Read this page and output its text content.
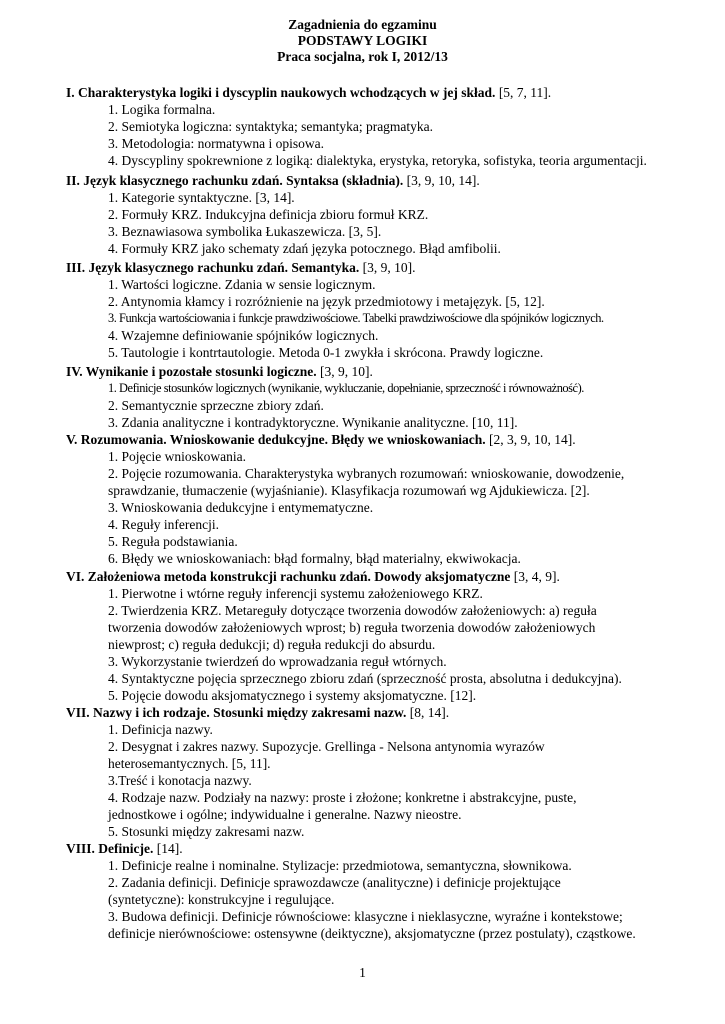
Zagadnienia do egzaminu
PODSTAWY LOGIKI
Praca socjalna, rok I, 2012/13
I. Charakterystyka logiki i dyscyplin naukowych wchodzących w jej skład. [5, 7, 11].
1. Logika formalna.
2. Semiotyka logiczna: syntaktyka; semantyka; pragmatyka.
3. Metodologia: normatywna i opisowa.
4. Dyscypliny spokrewnione z logiką: dialektyka, erystyka, retoryka, sofistyka, teoria argumentacji.
II. Język klasycznego rachunku zdań. Syntaksa (składnia). [3, 9, 10, 14].
1. Kategorie syntaktyczne. [3, 14].
2. Formuły KRZ. Indukcyjna definicja zbioru formuł KRZ.
3. Beznawiasowa symbolika Łukaszewicza. [3, 5].
4. Formuły KRZ jako schematy zdań języka potocznego. Błąd amfibolii.
III. Język klasycznego rachunku zdań. Semantyka. [3, 9, 10].
1. Wartości logiczne. Zdania w sensie logicznym.
2. Antynomia kłamcy i rozróżnienie na język przedmiotowy i metajęzyk. [5, 12].
3. Funkcja wartościowania i funkcje prawdziwościowe. Tabelki prawdziwościowe dla spójników logicznych.
4. Wzajemne definiowanie spójników logicznych.
5. Tautologie i kontrtautologie. Metoda 0-1 zwykła i skrócona. Prawdy logiczne.
IV. Wynikanie i pozostałe stosunki logiczne. [3, 9, 10].
1. Definicje stosunków logicznych (wynikanie, wykluczanie, dopełnianie, sprzeczność i równoważność).
2. Semantycznie sprzeczne zbiory zdań.
3. Zdania analityczne i kontradyktoryczne. Wynikanie analityczne. [10, 11].
V. Rozumowania. Wnioskowanie dedukcyjne. Błędy we wnioskowaniach. [2, 3, 9, 10, 14].
1. Pojęcie wnioskowania.
2. Pojęcie rozumowania. Charakterystyka wybranych rozumowań: wnioskowanie, dowodzenie,
sprawdzanie, tłumaczenie (wyjaśnianie). Klasyfikacja rozumowań wg Ajdukiewicza. [2].
3. Wnioskowania dedukcyjne i entymematyczne.
4. Reguły inferencji.
5. Reguła podstawiania.
6. Błędy we wnioskowaniach: błąd formalny, błąd materialny, ekwiwokacja.
VI. Założeniowa metoda konstrukcji rachunku zdań. Dowody aksjomatyczne [3, 4, 9].
1. Pierwotne i wtórne reguły inferencji systemu założeniowego KRZ.
2. Twierdzenia KRZ. Metareguły dotyczące tworzenia dowodów założeniowych: a) reguła
tworzenia dowodów założeniowych wprost; b) reguła tworzenia dowodów założeniowych
niewprost; c) reguła dedukcji; d) reguła redukcji do absurdu.
3. Wykorzystanie twierdzeń do wprowadzania reguł wtórnych.
4. Syntaktyczne pojęcia sprzecznego zbioru zdań (sprzeczność prosta, absolutna i dedukcyjna).
5. Pojęcie dowodu aksjomatycznego i systemy aksjomatyczne. [12].
VII. Nazwy i ich rodzaje. Stosunki między zakresami nazw. [8, 14].
1. Definicja nazwy.
2. Desygnat i zakres nazwy. Supozycje. Grellinga - Nelsona antynomia wyrazów
heterosemantycznych. [5, 11].
3.Treść i konotacja nazwy.
4. Rodzaje nazw. Podziały na nazwy: proste i złożone; konkretne i abstrakcyjne, puste,
jednostkowe i ogólne; indywidualne i generalne. Nazwy nieostre.
5. Stosunki między zakresami nazw.
VIII. Definicje. [14].
1. Definicje realne i nominalne. Stylizacje: przedmiotowa, semantyczna, słownikowa.
2. Zadania definicji. Definicje sprawozdawcze (analityczne) i definicje projektujące
(syntetyczne): konstrukcyjne i regulujące.
3. Budowa definicji. Definicje równościowe: klasyczne i nieklasyczne, wyraźne i kontekstowe;
definicje nierównościowe: ostensywne (deiktyczne), aksjomatyczne (przez postulaty), cząstkowe.
1
